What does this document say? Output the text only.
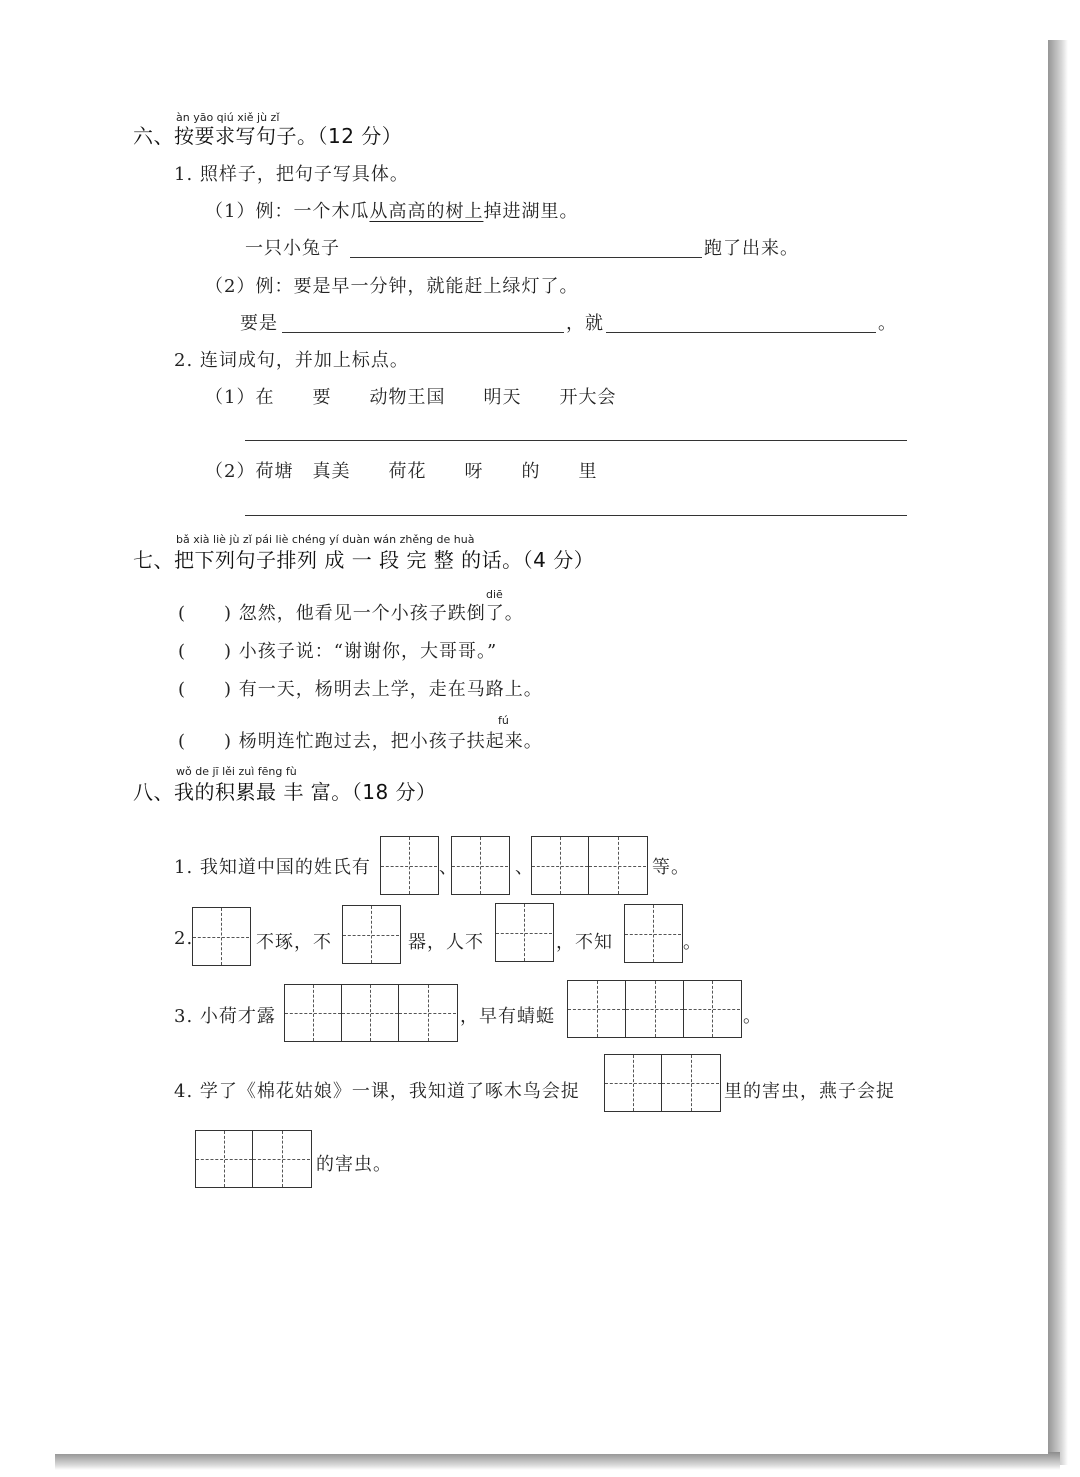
àn yāo qiú xiě jù zǐ
六、按要求写句子。（12 分）
1. 照样子，把句子写具体。
（1）例：一个木瓜从高高的树上掉进湖里。
一只小兔子	跑了出来。
（2）例：要是早一分钟，就能赶上绿灯了。
要是	，就	。
2. 连词成句，并加上标点。
（1）在　　要　　动物王国　　明天　　开大会
（2）荷塘　真美　　荷花　　呀　　的　　里
bǎ xià liè jù zǐ pái liè chéng yí duàn wán zhěng de huà
七、把下列句子排列 成 一 段 完 整 的话。（4 分）
diē
(　　) 忽然，他看见一个小孩子跌倒了。
(　　) 小孩子说：“谢谢你，大哥哥。”
(　　) 有一天，杨明去上学，走在马路上。
fú
(　　) 杨明连忙跑过去，把小孩子扶起来。
wǒ de jī lěi zuì fēng fù
八、我的积累最 丰 富。（18 分）
1. 我知道中国的姓氏有	、	、	等。
2.	不琢，不	器，人不	，不知	。
3. 小荷才露	，早有蜻蜓	。
4. 学了《棉花姑娘》一课，我知道了啄木鸟会捉	里的害虫，燕子会捉
的害虫。
